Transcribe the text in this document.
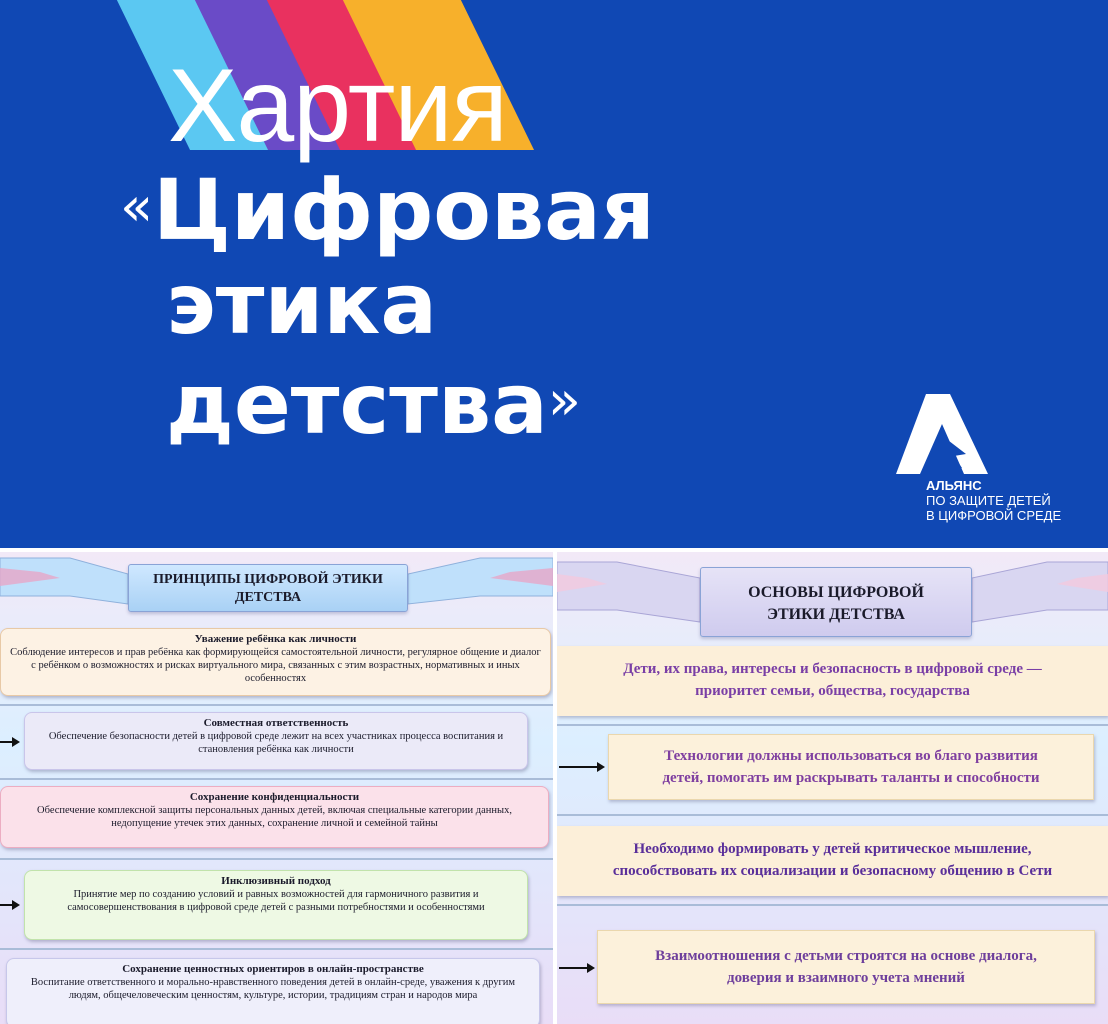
Хартия
«Цифровая
этика
детства»
АЛЬЯНС
ПО ЗАЩИТЕ ДЕТЕЙ
В ЦИФРОВОЙ СРЕДЕ
ПРИНЦИПЫ ЦИФРОВОЙ ЭТИКИ
ДЕТСТВА
Уважение ребёнка как личности
Соблюдение интересов и прав ребёнка как формирующейся самостоятельной личности, регулярное общение и диалог с ребёнком о возможностях и рисках виртуального мира, связанных с этим возрастных, нормативных и иных особенностях
Совместная ответственность
Обеспечение безопасности детей в цифровой среде лежит на всех участниках процесса воспитания и становления ребёнка как личности
Сохранение конфиденциальности
Обеспечение комплексной защиты персональных данных детей, включая специальные категории данных, недопущение утечек этих данных, сохранение личной и семейной тайны
Инклюзивный подход
Принятие мер по созданию условий и равных возможностей для гармоничного развития и самосовершенствования в цифровой среде детей с разными потребностями и особенностями
Сохранение ценностных ориентиров в онлайн-пространстве
Воспитание ответственного и морально-нравственного поведения детей в онлайн-среде, уважения к другим людям, общечеловеческим ценностям, культуре, истории, традициям стран и народов мира
ОСНОВЫ ЦИФРОВОЙ
ЭТИКИ ДЕТСТВА
Дети, их права, интересы и безопасность в цифровой среде —
приоритет семьи, общества, государства
Технологии должны использоваться во благо развития
детей, помогать им раскрывать таланты и способности
Необходимо формировать у детей критическое мышление,
способствовать их социализации и безопасному общению в Сети
Взаимоотношения с детьми строятся на основе диалога,
доверия и взаимного учета мнений
